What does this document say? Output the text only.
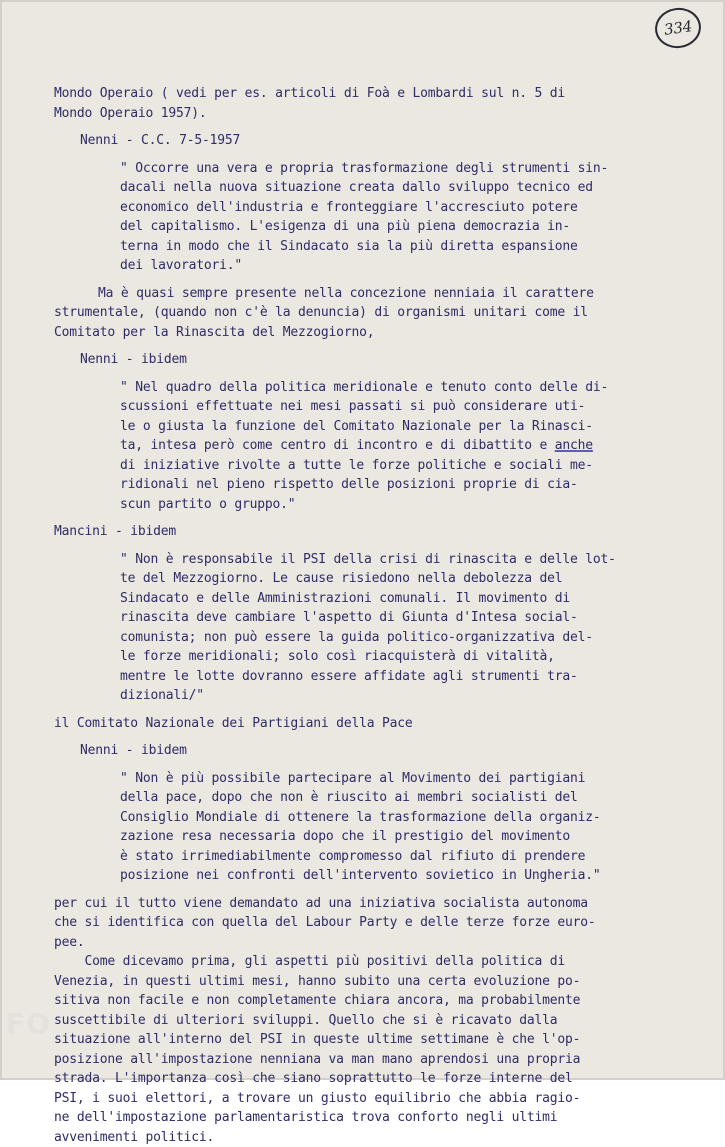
334
Mondo Operaio ( vedi per es. articoli di Foà e Lombardi sul n. 5 di
Mondo Operaio 1957).
Nenni - C.C. 7-5-1957
" Occorre una vera e propria trasformazione degli strumenti sin-
dacali nella nuova situazione creata dallo sviluppo tecnico ed
economico dell'industria e fronteggiare l'accresciuto potere
del capitalismo. L'esigenza di una più piena democrazia in-
terna in modo che il Sindacato sia la più diretta espansione
dei lavoratori."
Ma è quasi sempre presente nella concezione nenniaia il carattere
strumentale, (quando non c'è la denuncia) di organismi unitari come il
Comitato per la Rinascita del Mezzogiorno,
Nenni - ibidem
" Nel quadro della politica meridionale e tenuto conto delle di-
scussioni effettuate nei mesi passati si può considerare uti-
le o giusta la funzione del Comitato Nazionale per la Rinasci-
ta, intesa però come centro di incontro e di dibattito e anche
di iniziative rivolte a tutte le forze politiche e sociali me-
ridionali nel pieno rispetto delle posizioni proprie di cia-
scun partito o gruppo."
Mancini - ibidem
" Non è responsabile il PSI della crisi di rinascita e delle lot-
te del Mezzogiorno. Le cause risiedono nella debolezza del
Sindacato e delle Amministrazioni comunali. Il movimento di
rinascita deve cambiare l'aspetto di Giunta d'Intesa social-
comunista; non può essere la guida politico-organizzativa del-
le forze meridionali; solo così riacquisterà di vitalità,
mentre le lotte dovranno essere affidate agli strumenti tra-
dizionali/"
il Comitato Nazionale dei Partigiani della Pace
Nenni - ibidem
" Non è più possibile partecipare al Movimento dei partigiani
della pace, dopo che non è riuscito ai membri socialisti del
Consiglio Mondiale di ottenere la trasformazione della organiz-
zazione resa necessaria dopo che il prestigio del movimento
è stato irrimediabilmente compromesso dal rifiuto di prendere
posizione nei confronti dell'intervento sovietico in Ungheria."
per cui il tutto viene demandato ad una iniziativa socialista autonoma
che si identifica con quella del Labour Party e delle terze forze euro-
pee.
Come dicevamo prima, gli aspetti più positivi della politica di
Venezia, in questi ultimi mesi, hanno subito una certa evoluzione po-
sitiva non facile e non completamente chiara ancora, ma probabilmente
suscettibile di ulteriori sviluppi. Quello che si è ricavato dalla
situazione all'interno del PSI in queste ultime settimane è che l'op-
posizione all'impostazione nenniana va man mano aprendosi una propria
strada. L'importanza così che siano soprattutto le forze interne del
PSI, i suoi elettori, a trovare un giusto equilibrio che abbia ragio-
ne dell'impostazione parlamentaristica trova conforto negli ultimi
avvenimenti politici.
FO
